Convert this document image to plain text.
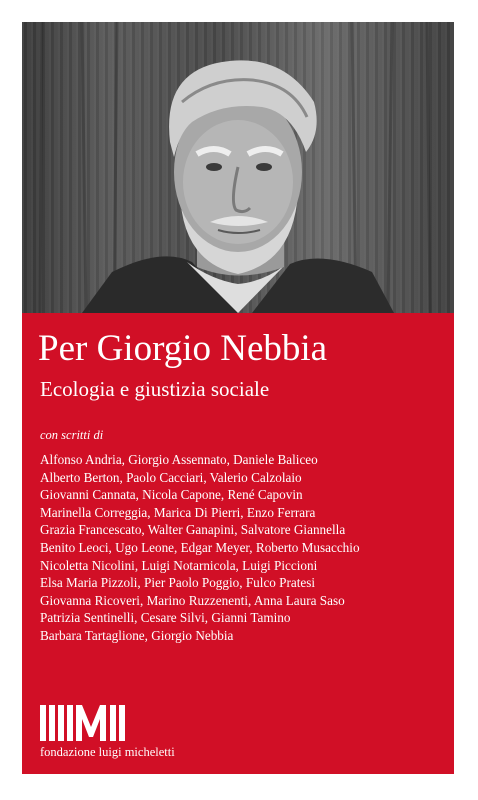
Per Giorgio Nebbia
Ecologia e giustizia sociale
con scritti di
Alfonso Andria, Giorgio Assennato, Daniele Baliceo
Alberto Berton, Paolo Cacciari, Valerio Calzolaio
Giovanni Cannata, Nicola Capone, René Capovin
Marinella Correggia, Marica Di Pierri, Enzo Ferrara
Grazia Francescato, Walter Ganapini, Salvatore Giannella
Benito Leoci, Ugo Leone, Edgar Meyer, Roberto Musacchio
Nicoletta Nicolini, Luigi Notarnicola, Luigi Piccioni
Elsa Maria Pizzoli, Pier Paolo Poggio, Fulco Pratesi
Giovanna Ricoveri, Marino Ruzzenenti, Anna Laura Saso
Patrizia Sentinelli, Cesare Silvi, Gianni Tamino
Barbara Tartaglione, Giorgio Nebbia
fondazione luigi micheletti
